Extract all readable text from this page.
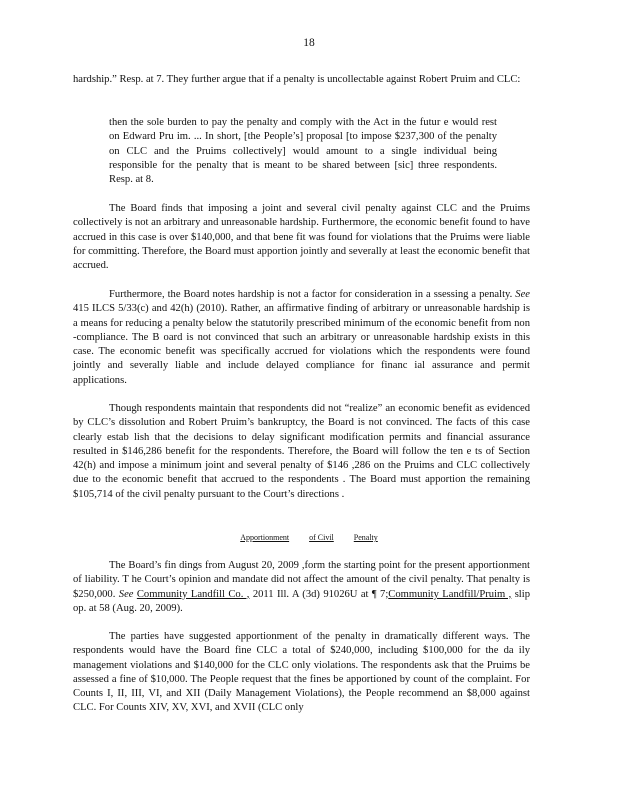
18

hardship.” Resp. at 7. They further argue that if a penalty is uncollectable against Robert Pruim and CLC:

then the sole burden to pay the penalty and comply with the Act in the futur e would rest on Edward Pru im. ... In short, [the People’s] proposal [to impose $237,300 of the penalty on CLC and the Pruims collectively] would amount to a single individual being responsible for the penalty that is meant to be shared between [sic] three respondents. Resp. at 8.

The Board finds that imposing a joint and several civil penalty against CLC and the Pruims collectively is not an arbitrary and unreasonable hardship. Furthermore, the economic benefit found to have accrued in this case is over $140,000, and that bene fit was found for violations that the Pruims were liable for committing. Therefore, the Board must apportion jointly and severally at least the economic benefit that accrued.

Furthermore, the Board notes hardship is not a factor for consideration in a ssessing a penalty. See 415 ILCS 5/33(c) and 42(h) (2010). Rather, an affirmative finding of arbitrary or unreasonable hardship is a means for reducing a penalty below the statutorily prescribed minimum of the economic benefit from non -compliance. The B oard is not convinced that such an arbitrary or unreasonable hardship exists in this case. The economic benefit was specifically accrued for violations which the respondents were found jointly and severally liable and include delayed compliance for financ ial assurance and permit applications.

Though respondents maintain that respondents did not “realize” an economic benefit as evidenced by CLC’s dissolution and Robert Pruim’s bankruptcy, the Board is not convinced. The facts of this case clearly estab lish that the decisions to delay significant modification permits and financial assurance resulted in $146,286 benefit for the respondents. Therefore, the Board will follow the ten e ts of Section 42(h) and impose a minimum joint and several penalty of $146 ,286 on the Pruims and CLC collectively due to the economic benefit that accrued to the respondents . The Board must apportion the remaining $105,714 of the civil penalty pursuant to the Court’s directions .

Apportionment	of Civil	Penalty

The Board’s fin dings from August 20, 2009 ,form the starting point for the present apportionment of liability. T he Court’s opinion and mandate did not affect the amount of the civil penalty. That penalty is $250,000. See Community Landfill Co. , 2011 Ill. A (3d) 91026U at ¶ 7;Community Landfill/Pruim , slip op. at 58 (Aug. 20, 2009).

The parties have suggested apportionment of the penalty in dramatically different ways. The respondents would have the Board fine CLC a total of $240,000, including $100,000 for the da ily management violations and $140,000 for the CLC only violations. The respondents ask that the Pruims be assessed a fine of $10,000. The People request that the fines be apportioned by count of the complaint. For Counts I, II, III, VI, and XII (Daily Management Violations), the People recommend an $8,000 against CLC. For Counts XIV, XV, XVI, and XVII (CLC only
